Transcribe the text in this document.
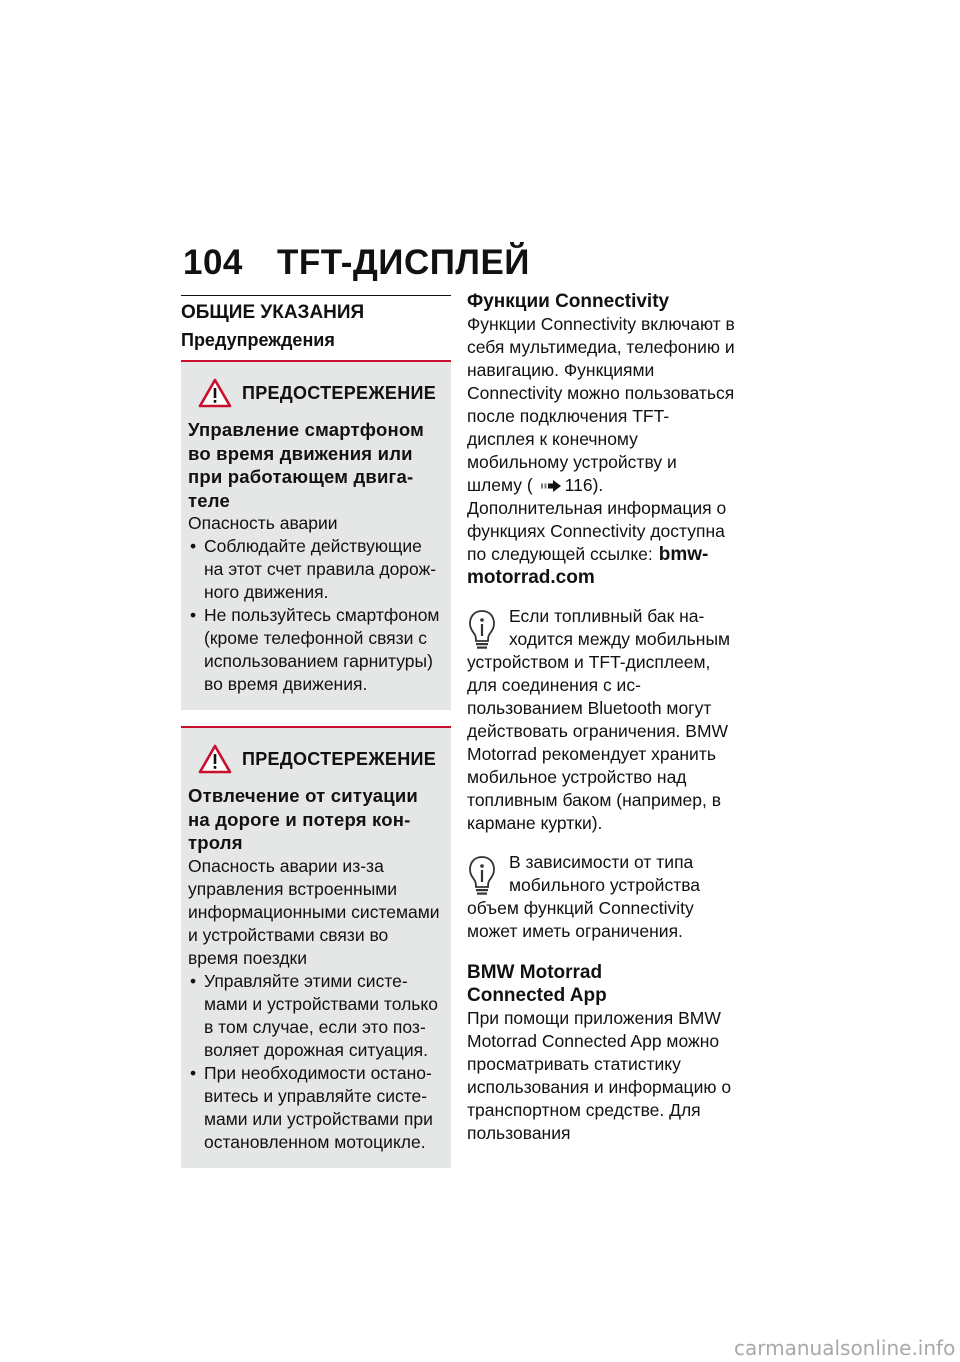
104 TFT-ДИСПЛЕЙ
ОБЩИЕ УКАЗАНИЯ
Предупреждения
ПРЕДОСТЕРЕЖЕНИЕ
Управление смартфоном во время движения или при работающем двигателе
Опасность аварии
• Соблюдайте действующие на этот счет правила дорожного движения.
• Не пользуйтесь смартфоном (кроме телефонной связи с использованием гарнитуры) во время движения.
ПРЕДОСТЕРЕЖЕНИЕ
Отвлечение от ситуации на дороге и потеря контроля
Опасность аварии из-за управления встроенными информационными системами и устройствами связи во время поездки
• Управляйте этими системами и устройствами только в том случае, если это позволяет дорожная ситуация.
• При необходимости остановитесь и управляйте системами или устройствами при остановленном мотоцикле.
Функции Connectivity
Функции Connectivity включают в себя мультимедиа, телефонию и навигацию. Функциями Connectivity можно пользоваться после подключения TFT-дисплея к конечному мобильному устройству и шлему ( 116). Дополнительная информация о функциях Connectivity доступна по следующей ссылке: bmw-motorrad.com
Если топливный бак находится между мобильным устройством и TFT-дисплеем, для соединения с использованием Bluetooth могут действовать ограничения. BMW Motorrad рекомендует хранить мобильное устройство над топливным баком (например, в кармане куртки).
В зависимости от типа мобильного устройства объем функций Connectivity может иметь ограничения.
BMW Motorrad
Connected App
При помощи приложения BMW Motorrad Connected App можно просматривать статистику использования и информацию о транспортном средстве. Для пользования
carmanualsonline.info
